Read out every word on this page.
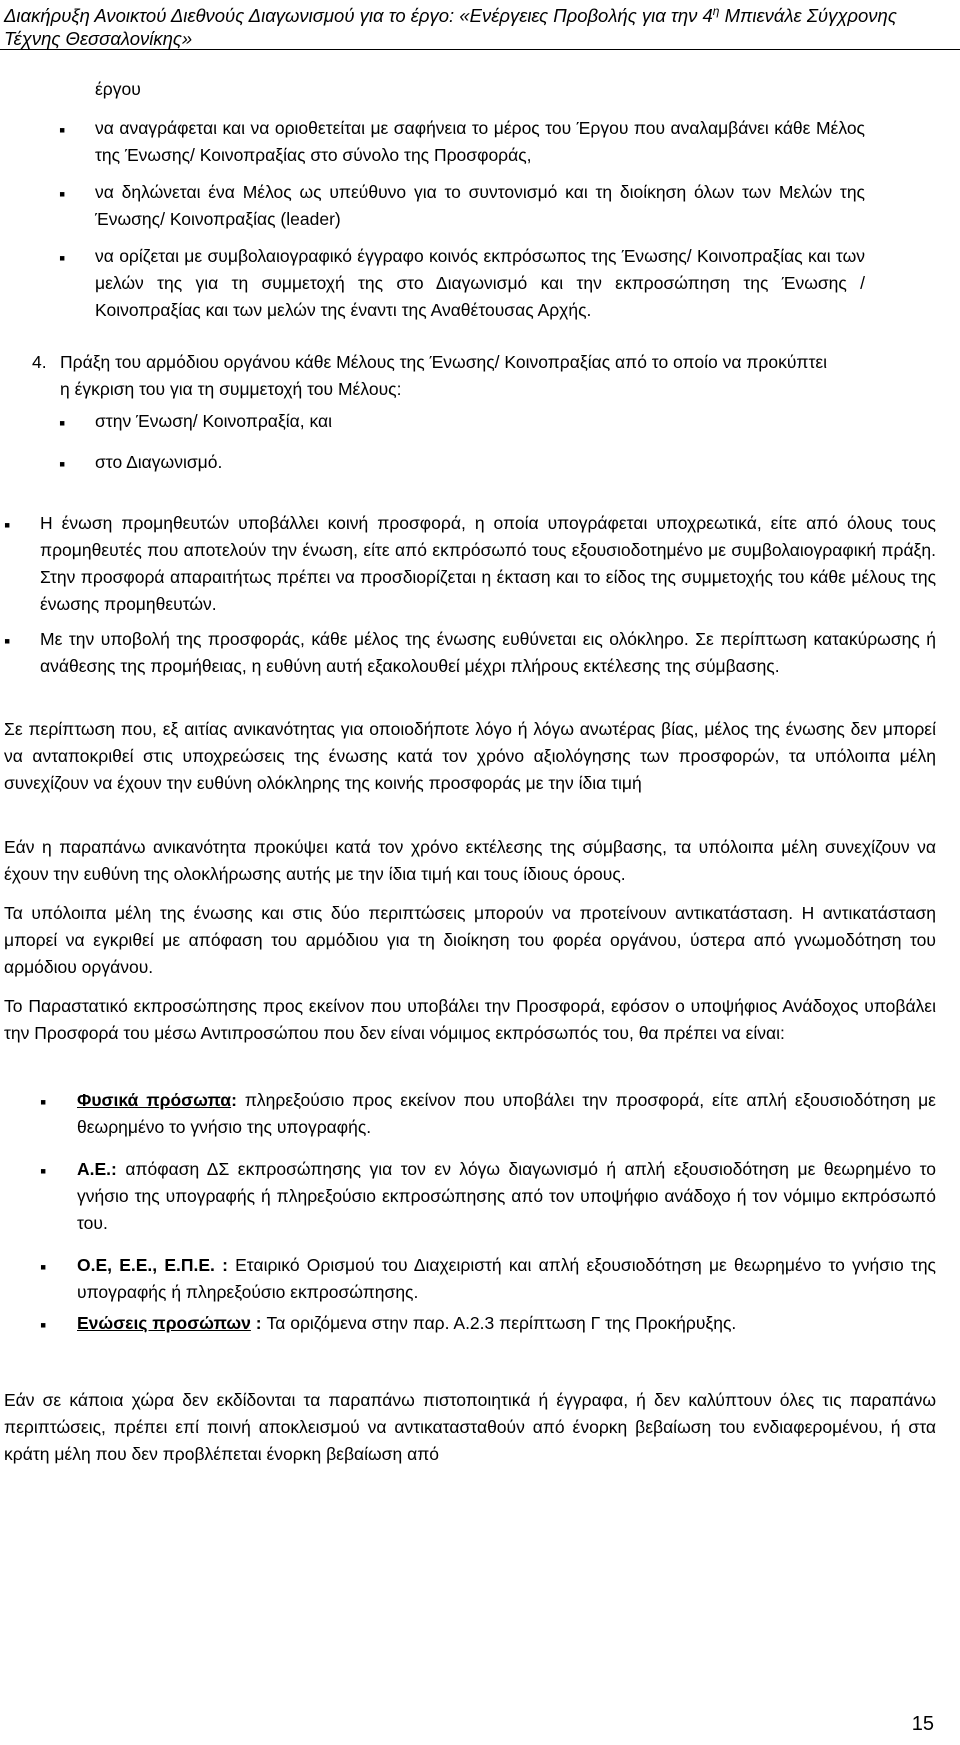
Διακήρυξη Ανοικτού Διεθνούς Διαγωνισμού για το έργο: «Ενέργειες Προβολής για την $4^\eta$ Μπιενάλε Σύγχρονης
Τέχνης Θεσσαλονίκης»

έργου

▪

να αναγράφεται και να οριοθετείται με σαφήνεια το μέρος του Έργου που αναλαμβάνει κάθε Μέλος της Ένωσης/ Κοινοπραξίας στο σύνολο της Προσφοράς,

▪

να δηλώνεται ένα Μέλος ως υπεύθυνο για το συντονισμό και τη διοίκηση όλων των Μελών της Ένωσης/ Κοινοπραξίας (leader)

▪

να ορίζεται με συμβολαιογραφικό έγγραφο κοινός εκπρόσωπος της Ένωσης/ Κοινοπραξίας και των μελών της για τη συμμετοχή της στο Διαγωνισμό και την εκπροσώπηση της Ένωσης / Κοινοπραξίας και των μελών της έναντι της Αναθέτουσας Αρχής.

4. Πράξη του αρμόδιου οργάνου κάθε Μέλους της Ένωσης/ Κοινοπραξίας από το οποίο να προκύπτει η έγκριση του για τη συμμετοχή του Μέλους:

▪

στην Ένωση/ Κοινοπραξία, και

▪

στο Διαγωνισμό.

▪

Η ένωση προμηθευτών υποβάλλει κοινή προσφορά, η οποία υπογράφεται υποχρεωτικά, είτε από όλους τους προμηθευτές που αποτελούν την ένωση, είτε από εκπρόσωπό τους εξουσιοδοτημένο με συμβολαιογραφική πράξη. Στην προσφορά απαραιτήτως πρέπει να προσδιορίζεται η έκταση και το είδος της συμμετοχής του κάθε μέλους της ένωσης προμηθευτών.

▪

Με την υποβολή της προσφοράς, κάθε μέλος της ένωσης ευθύνεται εις ολόκληρο. Σε περίπτωση κατακύρωσης ή ανάθεσης της προμήθειας, η ευθύνη αυτή εξακολουθεί μέχρι πλήρους εκτέλεσης της σύμβασης.

Σε περίπτωση που, εξ αιτίας ανικανότητας για οποιοδήποτε λόγο ή λόγω ανωτέρας βίας, μέλος της ένωσης δεν μπορεί να ανταποκριθεί στις υποχρεώσεις της ένωσης κατά τον χρόνο αξιολόγησης των προσφορών, τα υπόλοιπα μέλη συνεχίζουν να έχουν την ευθύνη ολόκληρης της κοινής προσφοράς με την ίδια τιμή

Εάν η παραπάνω ανικανότητα προκύψει κατά τον χρόνο εκτέλεσης της σύμβασης, τα υπόλοιπα μέλη συνεχίζουν να έχουν την ευθύνη της ολοκλήρωσης αυτής με την ίδια τιμή και τους ίδιους όρους.

Τα υπόλοιπα μέλη της ένωσης και στις δύο περιπτώσεις μπορούν να προτείνουν αντικατάσταση. Η αντικατάσταση μπορεί να εγκριθεί με απόφαση του αρμόδιου για τη διοίκηση του φορέα οργάνου, ύστερα από γνωμοδότηση του αρμόδιου οργάνου.

Το Παραστατικό εκπροσώπησης προς εκείνον που υποβάλει την Προσφορά, εφόσον ο υποψήφιος Ανάδοχος υποβάλει την Προσφορά του μέσω Αντιπροσώπου που δεν είναι νόμιμος εκπρόσωπός του, θα πρέπει να είναι:

▪

Φυσικά πρόσωπα: πληρεξούσιο προς εκείνον που υποβάλει την προσφορά, είτε απλή εξουσιοδότηση με θεωρημένο το γνήσιο της υπογραφής.

▪

Α.Ε.: απόφαση ΔΣ εκπροσώπησης για τον εν λόγω διαγωνισμό ή απλή εξουσιοδότηση με θεωρημένο το γνήσιο της υπογραφής ή πληρεξούσιο εκπροσώπησης από τον υποψήφιο ανάδοχο ή τον νόμιμο εκπρόσωπό του.

▪

Ο.Ε, Ε.Ε., Ε.Π.Ε. : Εταιρικό Ορισμού του Διαχειριστή και απλή εξουσιοδότηση με θεωρημένο το γνήσιο της υπογραφής ή πληρεξούσιο εκπροσώπησης.

▪

Ενώσεις προσώπων : Τα οριζόμενα στην παρ. Α.2.3 περίπτωση Γ της Προκήρυξης.

Εάν σε κάποια χώρα δεν εκδίδονται τα παραπάνω πιστοποιητικά ή έγγραφα, ή δεν καλύπτουν όλες τις παραπάνω περιπτώσεις, πρέπει επί ποινή αποκλεισμού να αντικατασταθούν από ένορκη βεβαίωση του ενδιαφερομένου, ή στα κράτη μέλη που δεν προβλέπεται ένορκη βεβαίωση από

15
